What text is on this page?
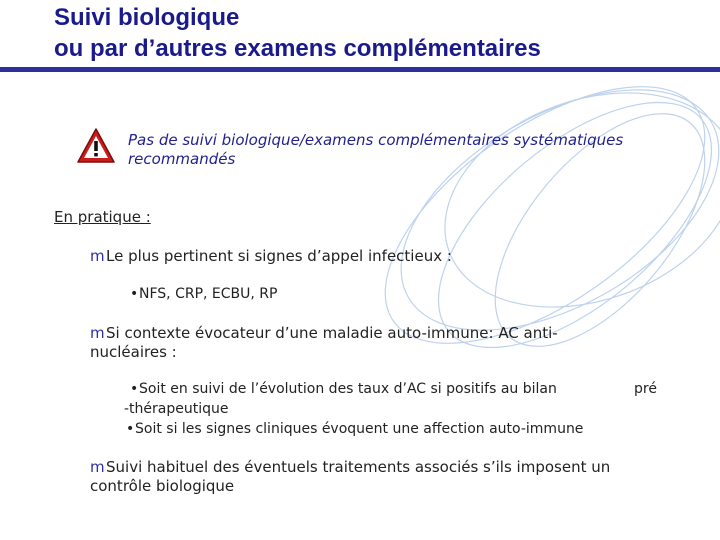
Suivi biologique
ou par d’autres examens complémentaires
Pas de suivi biologique/examens complémentaires systématiques
recommandés
En pratique :
mLe plus pertinent si signes d’appel infectieux :
•NFS, CRP, ECBU, RP
mSi contexte évocateur d’une maladie auto-immune: AC anti-
nucléaires :
•Soit en suivi de l’évolution des taux d’AC si positifs au bilan	pré
-thérapeutique
•Soit si les signes cliniques évoquent une affection auto-immune
mSuivi habituel des éventuels traitements associés s’ils imposent un
contrôle biologique
